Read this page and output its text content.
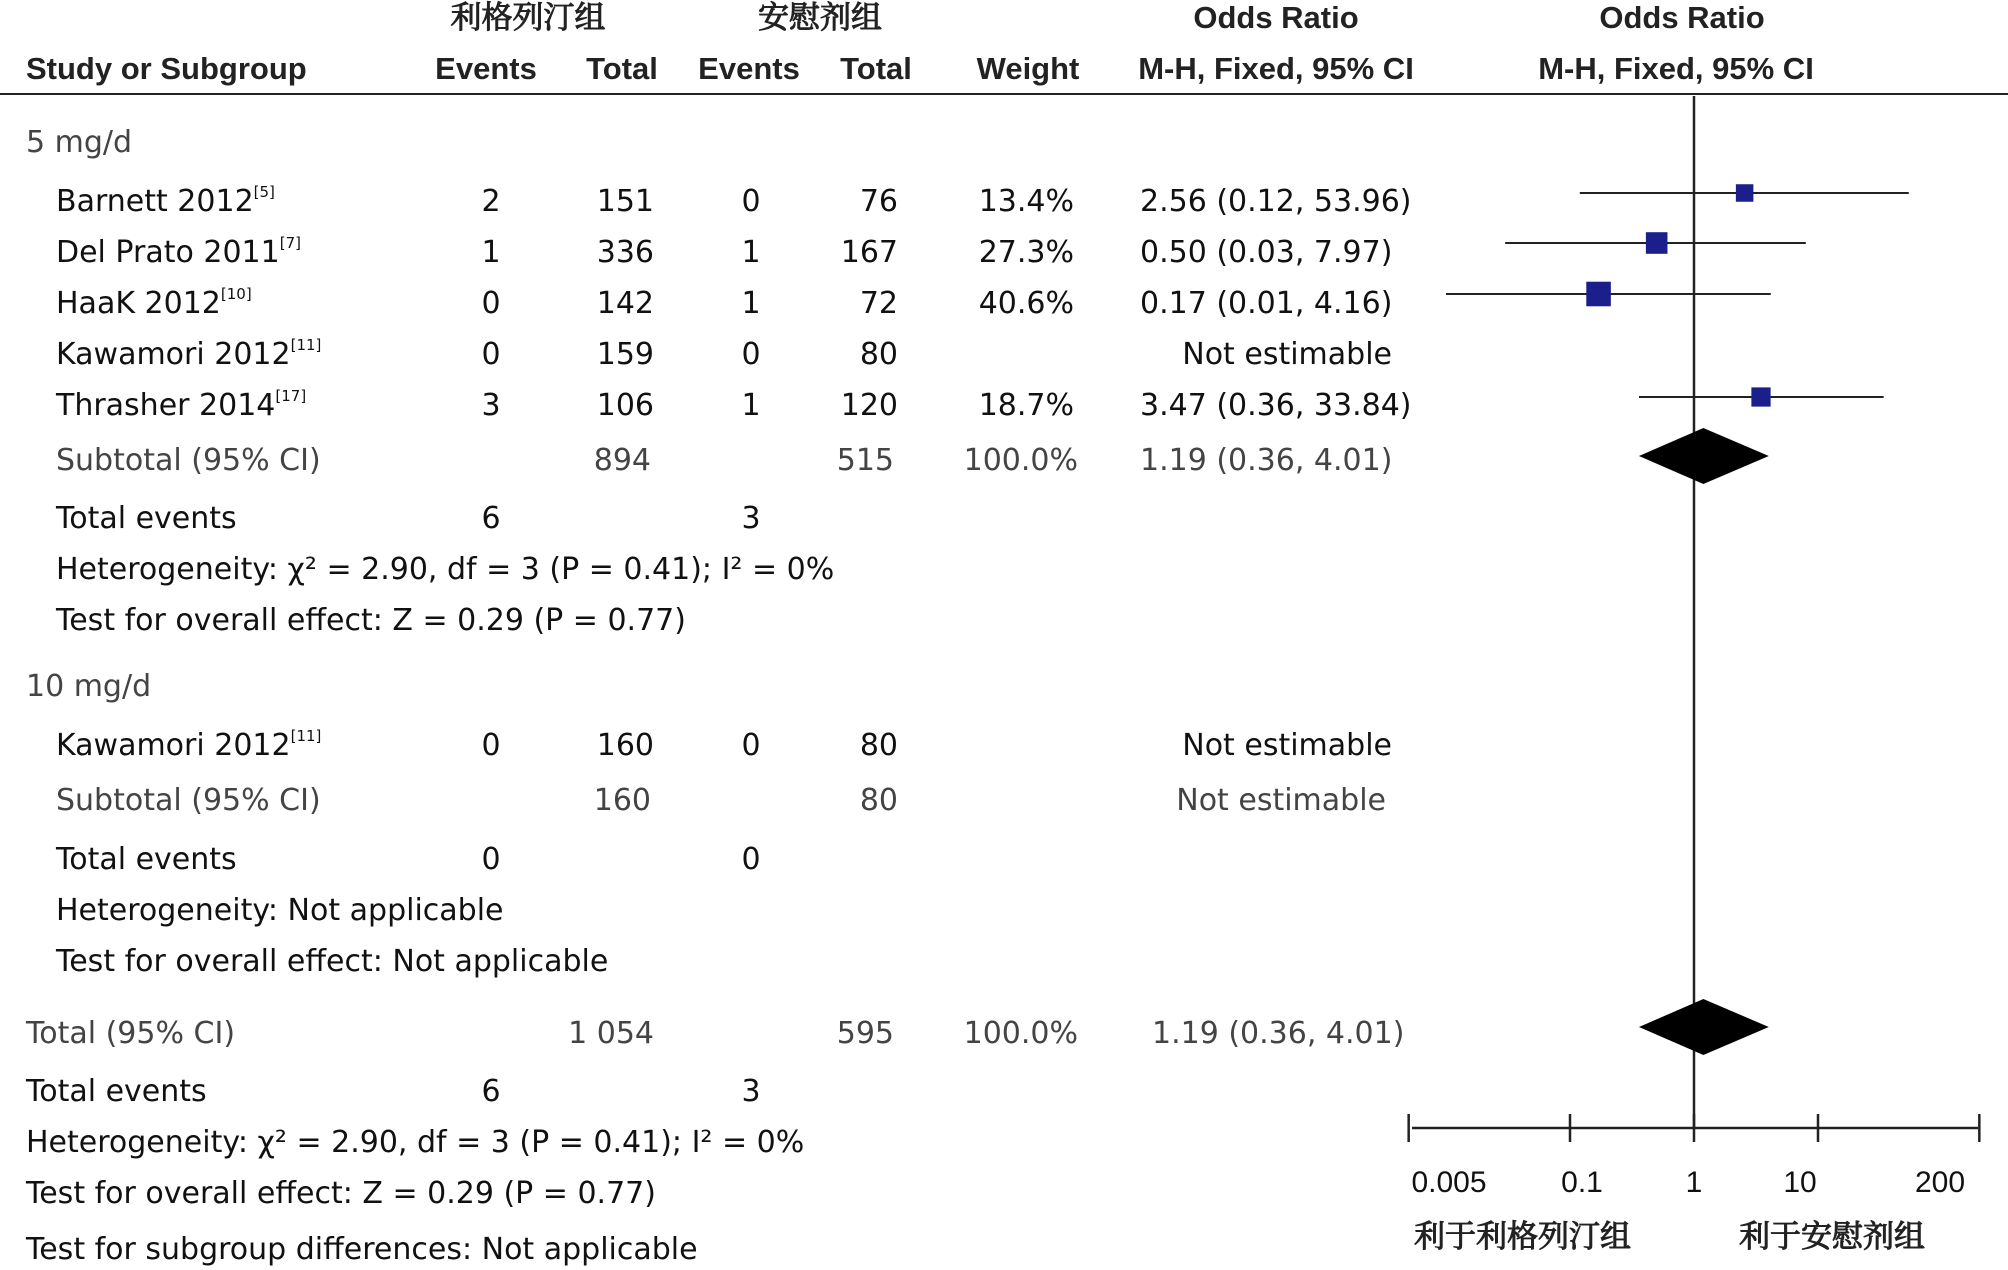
利格列汀组	安慰剂组	Odds Ratio	Odds Ratio
Study or Subgroup	Events Total Events Total Weight M-H, Fixed, 95% CI	M-H, Fixed, 95% CI
5 mg/d
Barnett 2012[5]	2	151	0	76	13.4% 2.56 (0.12, 53.96)
Del Prato 2011[7]	1	336	1	167	27.3% 0.50 (0.03, 7.97)
HaaK 2012[10]	0	142	1	72	40.6% 0.17 (0.01, 4.16)
Kawamori 2012[11]	0	159	0	80	Not estimable
Thrasher 2014[17]	3	106	1	120	18.7% 3.47 (0.36, 33.84)
Subtotal (95% CI)	894	515 100.0% 1.19 (0.36, 4.01)
Total events	6	3
Heterogeneity: χ² = 2.90, df = 3 (P = 0.41); I² = 0%
Test for overall effect: Z = 0.29 (P = 0.77)
10 mg/d
Kawamori 2012[11]	0	160	0	80	Not estimable
Subtotal (95% CI)	160	80	Not estimable
Total events	0	0
Heterogeneity: Not applicable
Test for overall effect: Not applicable
Total (95% CI)	1 054	595 100.0% 1.19 (0.36, 4.01)
Total events	6	3
Heterogeneity: χ² = 2.90, df = 3 (P = 0.41); I² = 0%
Test for overall effect: Z = 0.29 (P = 0.77)
Test for subgroup differences: Not applicable
0.005 0.1	1	10	200
利于利格列汀组	利于安慰剂组
